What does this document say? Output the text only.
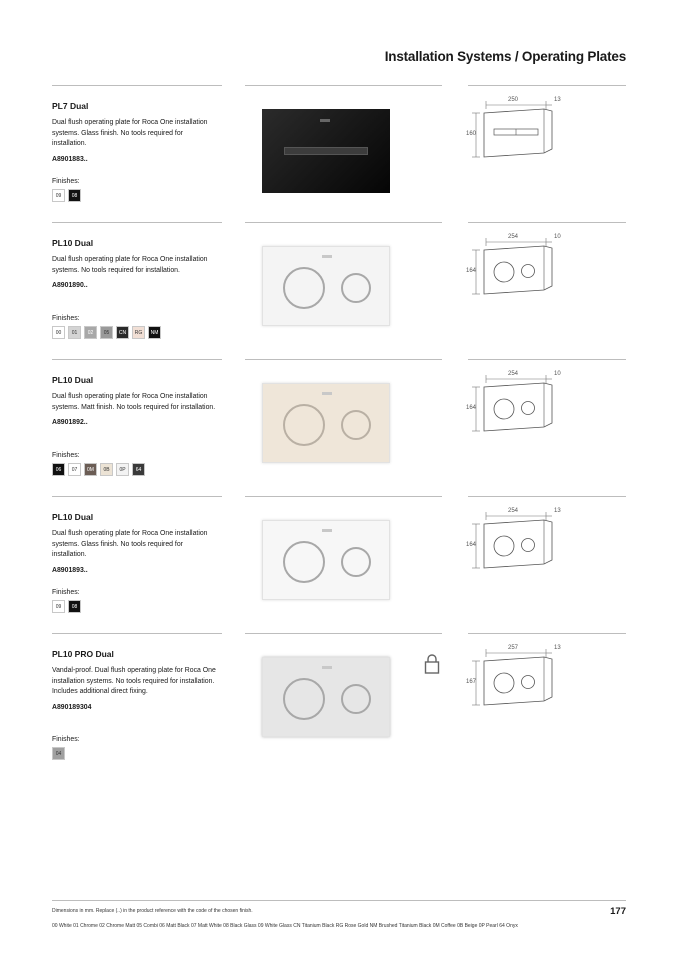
Installation Systems / Operating Plates
PL7 Dual
Dual flush operating plate for Roca One installation systems. Glass finish. No tools required for installation.
A8901883..
Finishes:
09	08
250
160
13
PL10 Dual
Dual flush operating plate for Roca One installation systems. No tools required for installation.
A8901890..
Finishes:
00	01	02	05	CN	RG	NM
254
164
10
PL10 Dual
Dual flush operating plate for Roca One installation systems. Matt finish. No tools required for installation.
A8901892..
Finishes:
06	07	0M	0B	0P	64
254
164
10
PL10 Dual
Dual flush operating plate for Roca One installation systems. Glass finish. No tools required for installation.
A8901893..
Finishes:
09	08
254
164
13
PL10 PRO Dual
Vandal-proof. Dual flush operating plate for Roca One installation systems. No tools required for installation. Includes additional direct fixing.
A890189304
Finishes:
04
257
167
13
Dimensions in mm. Replace (..) in the product reference with the code of the chosen finish.
00 White 01 Chrome 02 Chrome Matt 05 Combi 06 Matt Black 07 Matt White 08 Black Glass 09 White Glass CN Titanium Black RG Rose Gold NM Brushed Titanium Black 0M Coffee 0B Beige 0P Pearl 64 Onyx
177
